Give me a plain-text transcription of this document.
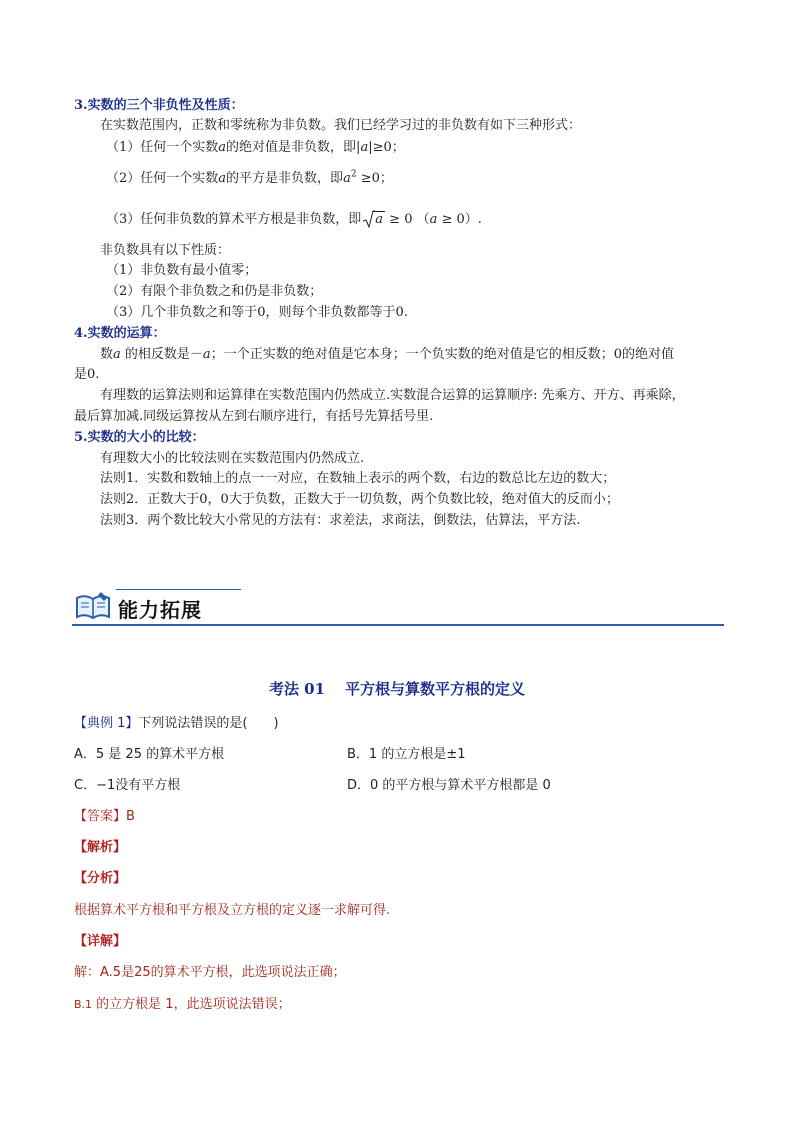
3.实数的三个非负性及性质：
在实数范围内，正数和零统称为非负数。我们已经学习过的非负数有如下三种形式：
（1）任何一个实数a的绝对值是非负数，即|a|≥0；
（2）任何一个实数a的平方是非负数，即$a^2 \ge 0$；
（3）任何非负数的算术平方根是非负数，即 a ≥ 0 （a ≥ 0）.
非负数具有以下性质：
（1）非负数有最小值零；
（2）有限个非负数之和仍是非负数；
（3）几个非负数之和等于0，则每个非负数都等于0.
4.实数的运算：
数a 的相反数是－a；一个正实数的绝对值是它本身；一个负实数的绝对值是它的相反数；0的绝对值
是0.
有理数的运算法则和运算律在实数范围内仍然成立.实数混合运算的运算顺序: 先乘方、开方、再乘除，
最后算加减.同级运算按从左到右顺序进行，有括号先算括号里.
5.实数的大小的比较：
有理数大小的比较法则在实数范围内仍然成立.
法则1．实数和数轴上的点一一对应，在数轴上表示的两个数，右边的数总比左边的数大；
法则2．正数大于0，0大于负数，正数大于一切负数，两个负数比较，绝对值大的反而小；
法则3．两个数比较大小常见的方法有：求差法，求商法，倒数法，估算法，平方法.
能力拓展
考法 01 平方根与算数平方根的定义
【典例 1】下列说法错误的是(　　)
A．5 是 25 的算术平方根	B．1 的立方根是±1
C．−1没有平方根	D．0 的平方根与算术平方根都是 0
【答案】B
【解析】
【分析】
根据算术平方根和平方根及立方根的定义逐一求解可得.
【详解】
解：A.5是25的算术平方根，此选项说法正确；
B.1 的立方根是 1，此选项说法错误；
